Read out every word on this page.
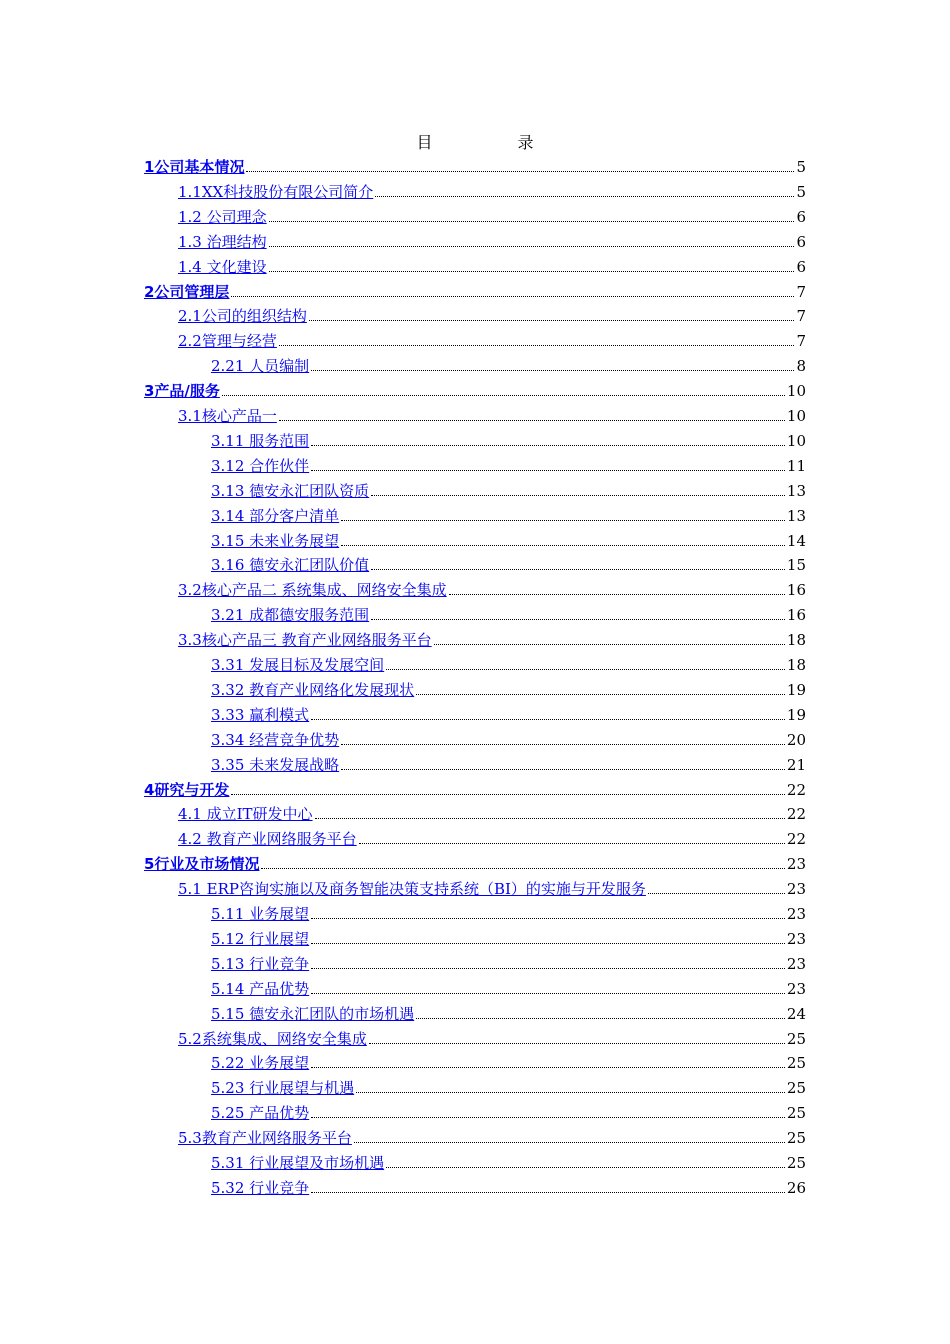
目	录
1公司基本情况	5
1.1XX科技股份有限公司简介	5
1.2 公司理念	6
1.3 治理结构	6
1.4 文化建设	6
2公司管理层	7
2.1公司的组织结构	7
2.2管理与经营	7
2.21 人员编制	8
3产品/服务	10
3.1核心产品一	10
3.11 服务范围	10
3.12 合作伙伴	11
3.13 德安永汇团队资质	13
3.14 部分客户清单	13
3.15 未来业务展望	14
3.16 德安永汇团队价值	15
3.2核心产品二 系统集成、网络安全集成	16
3.21 成都德安服务范围	16
3.3核心产品三 教育产业网络服务平台	18
3.31 发展目标及发展空间	18
3.32 教育产业网络化发展现状	19
3.33 赢利模式	19
3.34 经营竞争优势	20
3.35 未来发展战略	21
4研究与开发	22
4.1 成立IT研发中心	22
4.2 教育产业网络服务平台	22
5行业及市场情况	23
5.1 ERP咨询实施以及商务智能决策支持系统（BI）的实施与开发服务	23
5.11 业务展望	23
5.12 行业展望	23
5.13 行业竞争	23
5.14 产品优势	23
5.15 德安永汇团队的市场机遇	24
5.2系统集成、网络安全集成	25
5.22 业务展望	25
5.23 行业展望与机遇	25
5.25 产品优势	25
5.3教育产业网络服务平台	25
5.31 行业展望及市场机遇	25
5.32 行业竞争	26
